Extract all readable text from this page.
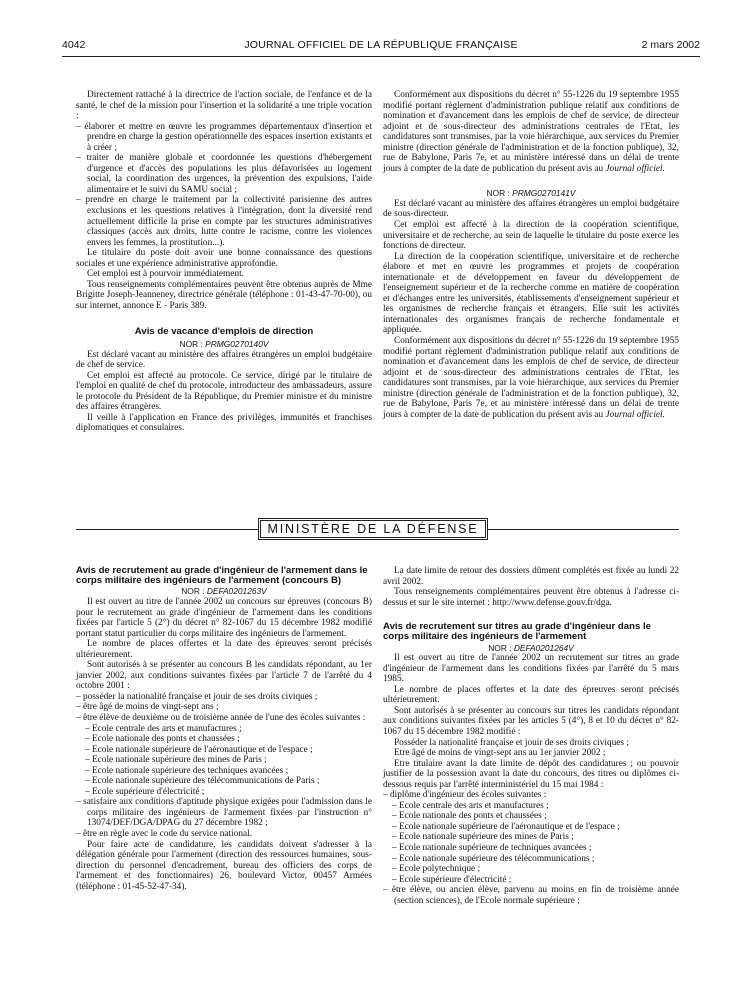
4042	JOURNAL OFFICIEL DE LA RÉPUBLIQUE FRANÇAISE	2 mars 2002

Directement rattaché à la directrice de l'action sociale, de l'enfance et de la santé, le chef de la mission pour l'insertion et la solidarité a une triple vocation :

– élaborer et mettre en œuvre les programmes départementaux d'insertion et prendre en charge la gestion opérationnelle des espaces insertion existants et à créer ;
– traiter de manière globale et coordonnée les questions d'hébergement d'urgence et d'accès des populations les plus défavorisées au logement social, la coordination des urgences, la prévention des expulsions, l'aide alimentaire et le suivi du SAMU social ;
– prendre en charge le traitement par la collectivité parisienne des autres exclusions et les questions relatives à l'intégration, dont la diversité rend actuellement difficile la prise en compte par les structures administratives classiques (accès aux droits, lutte contre le racisme, contre les violences envers les femmes, la prostitution...).

Le titulaire du poste doit avoir une bonne connaissance des questions sociales et une expérience administrative approfondie.

Cet emploi est à pourvoir immédiatement.

Tous renseignements complémentaires peuvent être obtenus auprès de Mme Brigitte Joseph-Jeanneney, directrice générale (téléphone : 01-43-47-70-00), ou sur internet, annonce E - Paris 389.

Avis de vacance d'emplois de direction

NOR : PRMG0270140V

Est déclaré vacant au ministère des affaires étrangères un emploi budgétaire de chef de service.

Cet emploi est affecté au protocole. Ce service, dirigé par le titulaire de l'emploi en qualité de chef du protocole, introducteur des ambassadeurs, assure le protocole du Président de la République, du Premier ministre et du ministre des affaires étrangères.

Il veille à l'application en France des privilèges, immunités et franchises diplomatiques et consulaires.

Conformément aux dispositions du décret n° 55-1226 du 19 septembre 1955 modifié portant règlement d'administration publique relatif aux conditions de nomination et d'avancement dans les emplois de chef de service, de directeur adjoint et de sous-directeur des administrations centrales de l'Etat, les candidatures sont transmises, par la voie hiérarchique, aux services du Premier ministre (direction générale de l'administration et de la fonction publique), 32, rue de Babylone, Paris 7e, et au ministère intéressé dans un délai de trente jours à compter de la date de publication du présent avis au Journal officiel.

NOR : PRMG0270141V

Est déclaré vacant au ministère des affaires étrangères un emploi budgétaire de sous-directeur.

Cet emploi est affecté à la direction de la coopération scientifique, universitaire et de recherche, au sein de laquelle le titulaire du poste exerce les fonctions de directeur.

La direction de la coopération scientifique, universitaire et de recherche élabore et met en œuvre les programmes et projets de coopération internationale et de développement en faveur du développement de l'enseignement supérieur et de la recherche comme en matière de coopération et d'échanges entre les universités, établissements d'enseignement supérieur et les organismes de recherche français et étrangers. Elle suit les activités internationales des organismes français de recherche fondamentale et appliquée.

Conformément aux dispositions du décret n° 55-1226 du 19 septembre 1955 modifié portant règlement d'administration publique relatif aux conditions de nomination et d'avancement dans les emplois de chef de service, de directeur adjoint et de sous-directeur des administrations centrales de l'Etat, les candidatures sont transmises, par la voie hiérarchique, aux services du Premier ministre (direction générale de l'administration et de la fonction publique), 32, rue de Babylone, Paris 7e, et au ministère intéressé dans un délai de trente jours à compter de la date de publication du présent avis au Journal officiel.

MINISTÈRE DE LA DÉFENSE
Avis de recrutement au grade d'ingénieur de l'armement dans le corps militaire des ingénieurs de l'armement (concours B)

NOR : DEFA0201263V

Il est ouvert au titre de l'année 2002 un concours sur épreuves (concours B) pour le recrutement au grade d'ingénieur de l'armement dans les conditions fixées par l'article 5 (2°) du décret n° 82-1067 du 15 décembre 1982 modifié portant statut particulier du corps militaire des ingénieurs de l'armement.

Le nombre de places offertes et la date des épreuves seront précisés ultérieurement.

Sont autorisés à se présenter au concours B les candidats répondant, au 1er janvier 2002, aux conditions suivantes fixées par l'article 7 de l'arrêté du 4 octobre 2001 :

– posséder la nationalité française et jouir de ses droits civiques ;
– être âgé de moins de vingt-sept ans ;
– être élève de deuxième ou de troisième année de l'une des écoles suivantes :
– Ecole centrale des arts et manufactures ;
– Ecole nationale des ponts et chaussées ;
– Ecole nationale supérieure de l'aéronautique et de l'espace ;
– Ecole nationale supérieure des mines de Paris ;
– Ecole nationale supérieure des techniques avancées ;
– Ecole nationale supérieure des télécommunications de Paris ;
– Ecole supérieure d'électricité ;
– satisfaire aux conditions d'aptitude physique exigées pour l'admission dans le corps militaire des ingénieurs de l'armement fixées par l'instruction n° 13074/DEF/DGA/DPAG du 27 décembre 1982 ;
– être en règle avec le code du service national.

Pour faire acte de candidature, les candidats doivent s'adresser à la délégation générale pour l'armement (direction des ressources humaines, sous-direction du personnel d'encadrement, bureau des officiers des corps de l'armement et des fonctionnaires) 26, boulevard Victor, 00457 Armées (téléphone : 01-45-52-47-34).

La date limite de retour des dossiers dûment complétés est fixée au lundi 22 avril 2002.

Tous renseignements complémentaires peuvent être obtenus à l'adresse ci-dessus et sur le site internet : http://www.defense.gouv.fr/dga.

Avis de recrutement sur titres au grade d'ingénieur dans le corps militaire des ingénieurs de l'armement

NOR : DEFA0201264V

Il est ouvert au titre de l'année 2002 un recrutement sur titres au grade d'ingénieur de l'armement dans les conditions fixées par l'arrêté du 5 mars 1985.

Le nombre de places offertes et la date des épreuves seront précisés ultérieurement.

Sont autorisés à se présenter au concours sur titres les candidats répondant aux conditions suivantes fixées par les articles 5 (4°), 8 et 10 du décret n° 82-1067 du 15 décembre 1982 modifié :

Posséder la nationalité française et jouir de ses droits civiques ;

Etre âgé de moins de vingt-sept ans au 1er janvier 2002 ;

Etre titulaire avant la date limite de dépôt des candidatures ; ou pouvoir justifier de la possession avant la date du concours, des titres ou diplômes ci-dessous requis par l'arrêté interministériel du 15 mai 1984 :

– diplôme d'ingénieur des écoles suivantes :
– Ecole centrale des arts et manufactures ;
– Ecole nationale des ponts et chaussées ;
– Ecole nationale supérieure de l'aéronautique et de l'espace ;
– Ecole nationale supérieure des mines de Paris ;
– Ecole nationale supérieure de techniques avancées ;
– Ecole nationale supérieure des télécommunications ;
– Ecole polytechnique ;
– Ecole supérieure d'électricité ;
– être élève, ou ancien élève, parvenu au moins en fin de troisième année (section sciences), de l'Ecole normale supérieure ;
